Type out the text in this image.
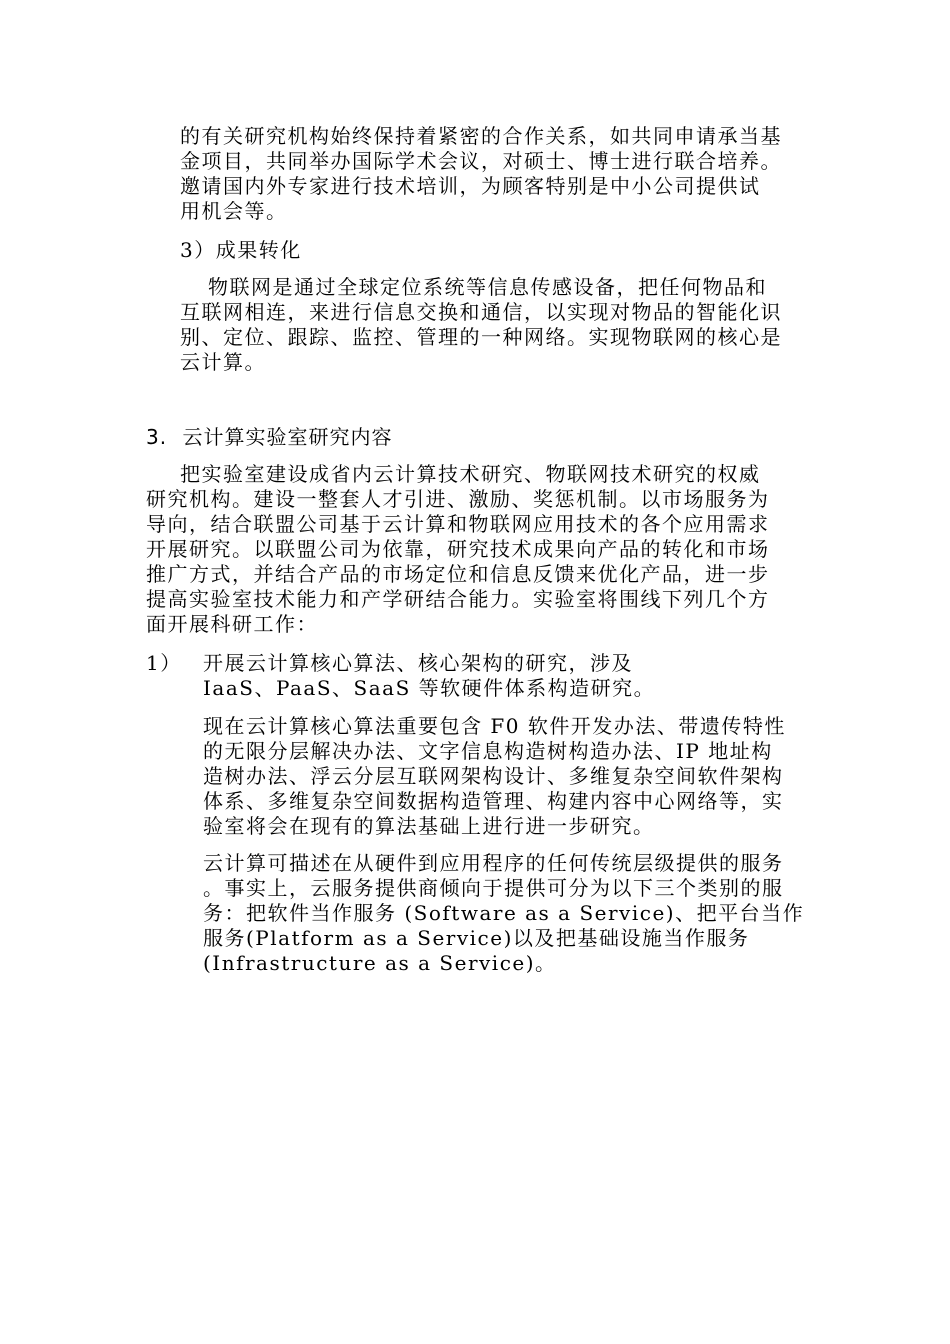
的有关研究机构始终保持着紧密的合作关系，如共同申请承当基
金项目，共同举办国际学术会议，对硕士、博士进行联合培养。
邀请国内外专家进行技术培训，为顾客特别是中小公司提供试
用机会等。
3）成果转化
物联网是通过全球定位系统等信息传感设备，把任何物品和
互联网相连，来进行信息交换和通信，以实现对物品的智能化识
别、定位、跟踪、监控、管理的一种网络。实现物联网的核心是
云计算。
3. 云计算实验室研究内容
把实验室建设成省内云计算技术研究、物联网技术研究的权威
研究机构。建设一整套人才引进、激励、奖惩机制。以市场服务为
导向，结合联盟公司基于云计算和物联网应用技术的各个应用需求
开展研究。以联盟公司为依靠，研究技术成果向产品的转化和市场
推广方式，并结合产品的市场定位和信息反馈来优化产品，进一步
提高实验室技术能力和产学研结合能力。实验室将围线下列几个方
面开展科研工作：
1） 开展云计算核心算法、核心架构的研究，涉及
IaaS、PaaS、SaaS 等软硬件体系构造研究。
现在云计算核心算法重要包含 F0 软件开发办法、带遗传特性
的无限分层解决办法、文字信息构造树构造办法、IP 地址构
造树办法、浮云分层互联网架构设计、多维复杂空间软件架构
体系、多维复杂空间数据构造管理、构建内容中心网络等，实
验室将会在现有的算法基础上进行进一步研究。
云计算可描述在从硬件到应用程序的任何传统层级提供的服务
。事实上，云服务提供商倾向于提供可分为以下三个类别的服
务：把软件当作服务 (Software as a Service)、把平台当作
服务(Platform as a Service)以及把基础设施当作服务
(Infrastructure as a Service)。
